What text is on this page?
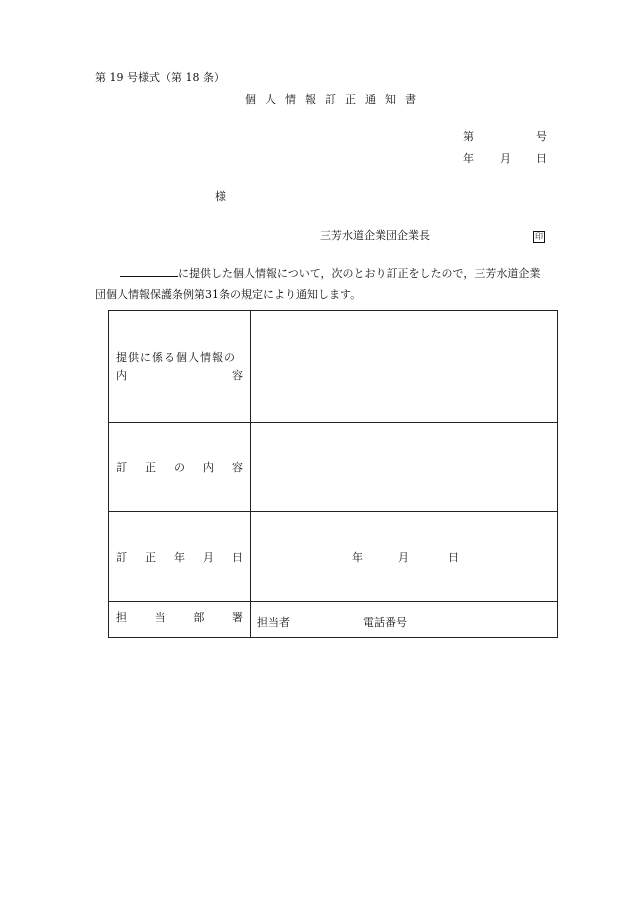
第 19 号様式（第 18 条）
個 人 情 報 訂 正 通 知 書
第	号
年 月 日
様
三芳水道企業団企業長	印
に提供した個人情報について，次のとおり訂正をしたので，三芳水道企業
団個人情報保護条例第31条の規定により通知します。
提供に係る個人情報の
内 容	

訂 正 の 内 容	

訂 正 年 月 日	年 月 日

担 当 部 署	担当者 電話番号
